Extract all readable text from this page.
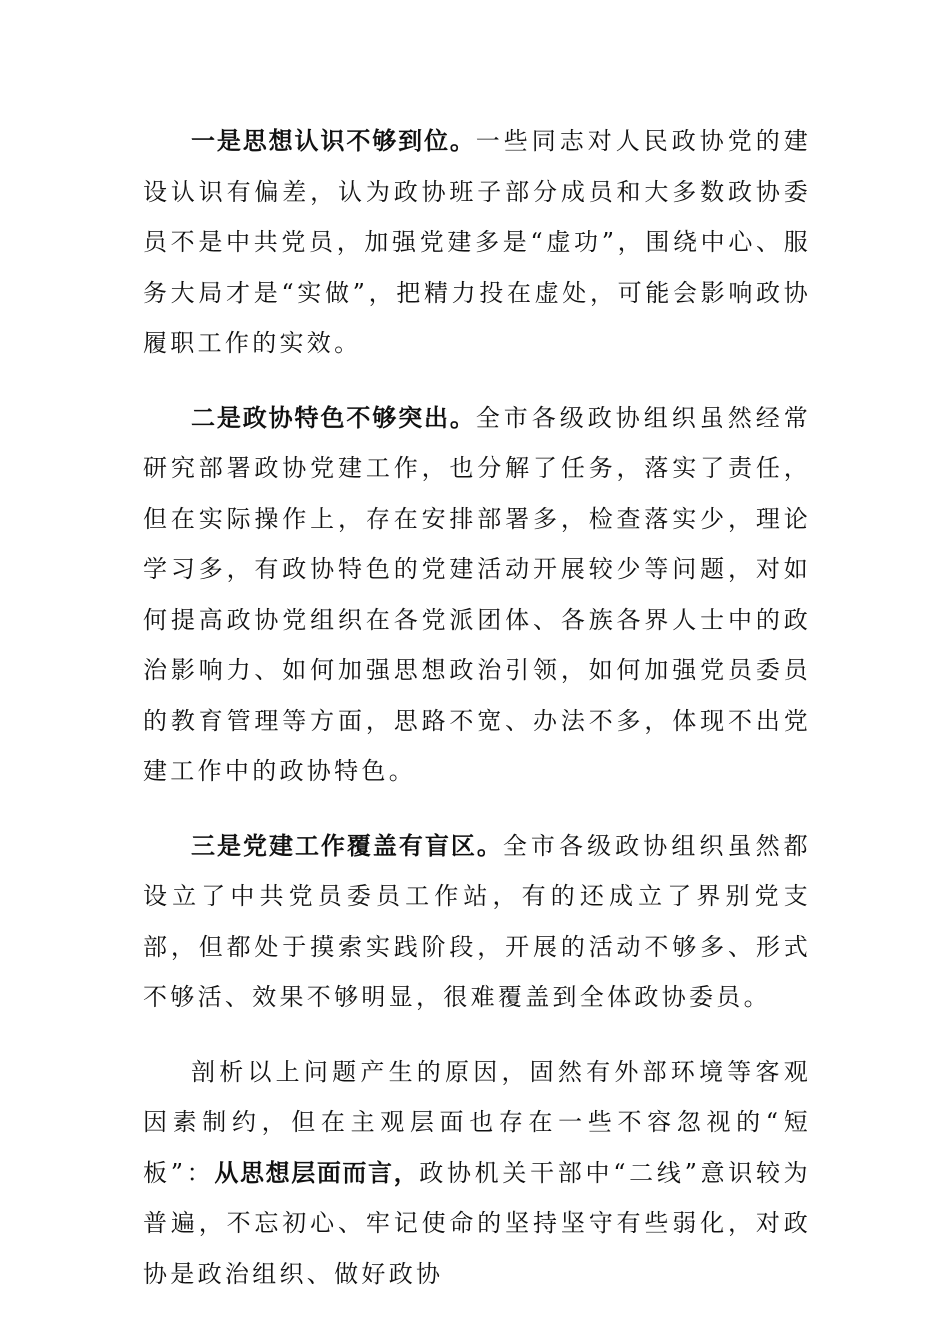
一是思想认识不够到位。一些同志对人民政协党的建设认识有偏差，认为政协班子部分成员和大多数政协委员不是中共党员，加强党建多是“虚功”，围绕中心、服务大局才是“实做”，把精力投在虚处，可能会影响政协履职工作的实效。

二是政协特色不够突出。全市各级政协组织虽然经常研究部署政协党建工作，也分解了任务，落实了责任，但在实际操作上，存在安排部署多，检查落实少，理论学习多，有政协特色的党建活动开展较少等问题，对如何提高政协党组织在各党派团体、各族各界人士中的政治影响力、如何加强思想政治引领，如何加强党员委员的教育管理等方面，思路不宽、办法不多，体现不出党建工作中的政协特色。

三是党建工作覆盖有盲区。全市各级政协组织虽然都设立了中共党员委员工作站，有的还成立了界别党支部，但都处于摸索实践阶段，开展的活动不够多、形式不够活、效果不够明显，很难覆盖到全体政协委员。

剖析以上问题产生的原因，固然有外部环境等客观因素制约，但在主观层面也存在一些不容忽视的“短板”：从思想层面而言，政协机关干部中“二线”意识较为普遍，不忘初心、牢记使命的坚持坚守有些弱化，对政协是政治组织、做好政协
